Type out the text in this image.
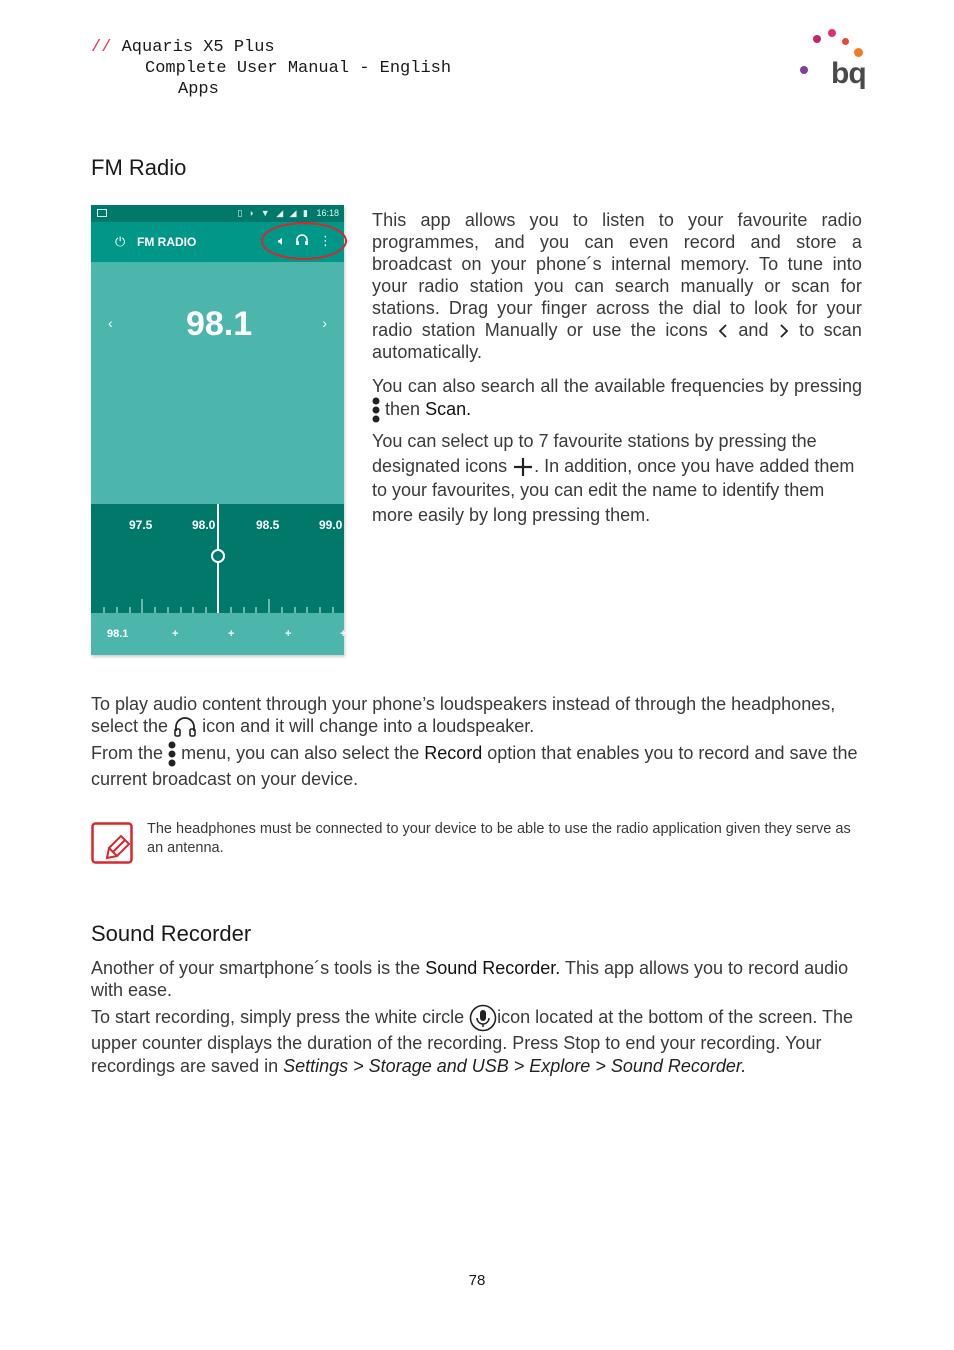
// Aquaris X5 Plus
Complete User Manual - English
Apps	bq
FM Radio
▯ ◗ ▼ ◢ ◢ ▮ 16:18
⏻ FM RADIO	🔈︎	⋮
‹ 98.1	›
97.5	98.0	98.5	99.0
98.1	+	+	+	+

This app allows you to listen to your favourite radio programmes, and you can even record and store a broadcast on your phone´s internal memory. To tune into your radio station you can search manually or scan for stations. Drag your finger across the dial to look for your radio station Manually or use the icons and to scan automatically.

You can also search all the available frequencies by pressing  then Scan.

You can select up to 7 favourite stations by pressing the designated icons . In addition, once you have added them to your favourites, you can edit the name to identify them more easily by long pressing them.

To play audio content through your phone’s loudspeakers instead of through the headphones, select the icon and it will change into a loudspeaker.

From the menu, you can also select the Record option that enables you to record and save the current broadcast on your device.

The headphones must be connected to your device to be able to use the radio application given they serve as an antenna.
Sound Recorder

Another of your smartphone´s tools is the Sound Recorder. This app allows you to record audio with ease.

To start recording, simply press the white circle icon located at the bottom of the screen. The upper counter displays the duration of the recording. Press Stop to end your recording. Your recordings are saved in Settings > Storage and USB > Explore > Sound Recorder.

78
